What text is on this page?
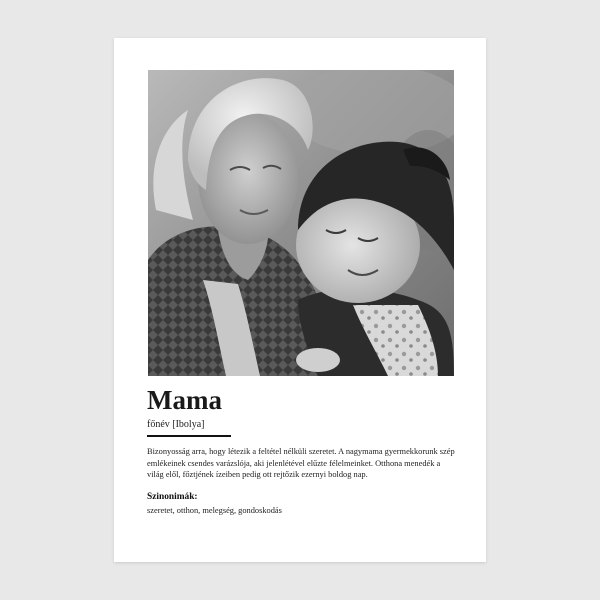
Mama
főnév [Ibolya]

Bizonyosság arra, hogy létezik a feltétel nélküli szeretet. A nagymama gyermekkorunk szép emlékeinek csendes varázslója, aki jelenlétével elűzte félelmeinket. Otthona menedék a világ elől, főztjének ízeiben pedig ott rejtőzik ezernyi boldog nap.

Szinonimák:

szeretet, otthon, melegség, gondoskodás
